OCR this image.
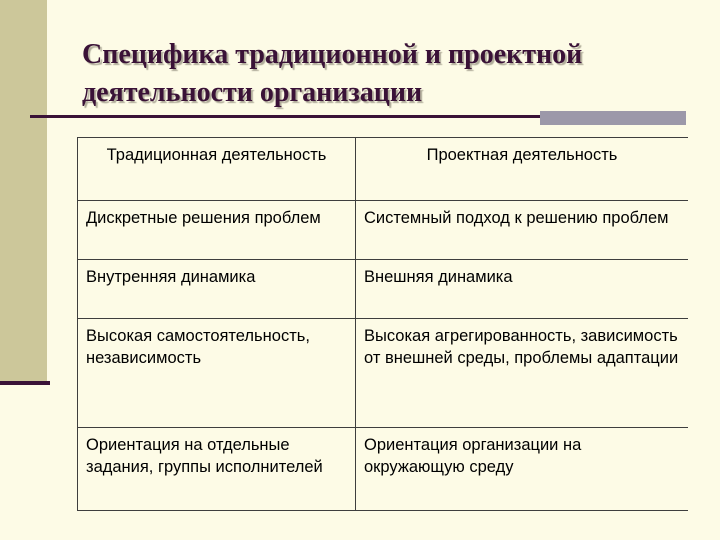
Специфика традиционной и проектной
деятельности организации
Традиционная деятельность	Проектная деятельность
Дискретные решения проблем	Системный подход к решению проблем
Внутренняя динамика	Внешняя динамика
Высокая самостоятельность, независимость	Высокая агрегированность, зависимость от внешней среды, проблемы адаптации
Ориентация на отдельные задания, группы исполнителей	Ориентация организации на окружающую среду
